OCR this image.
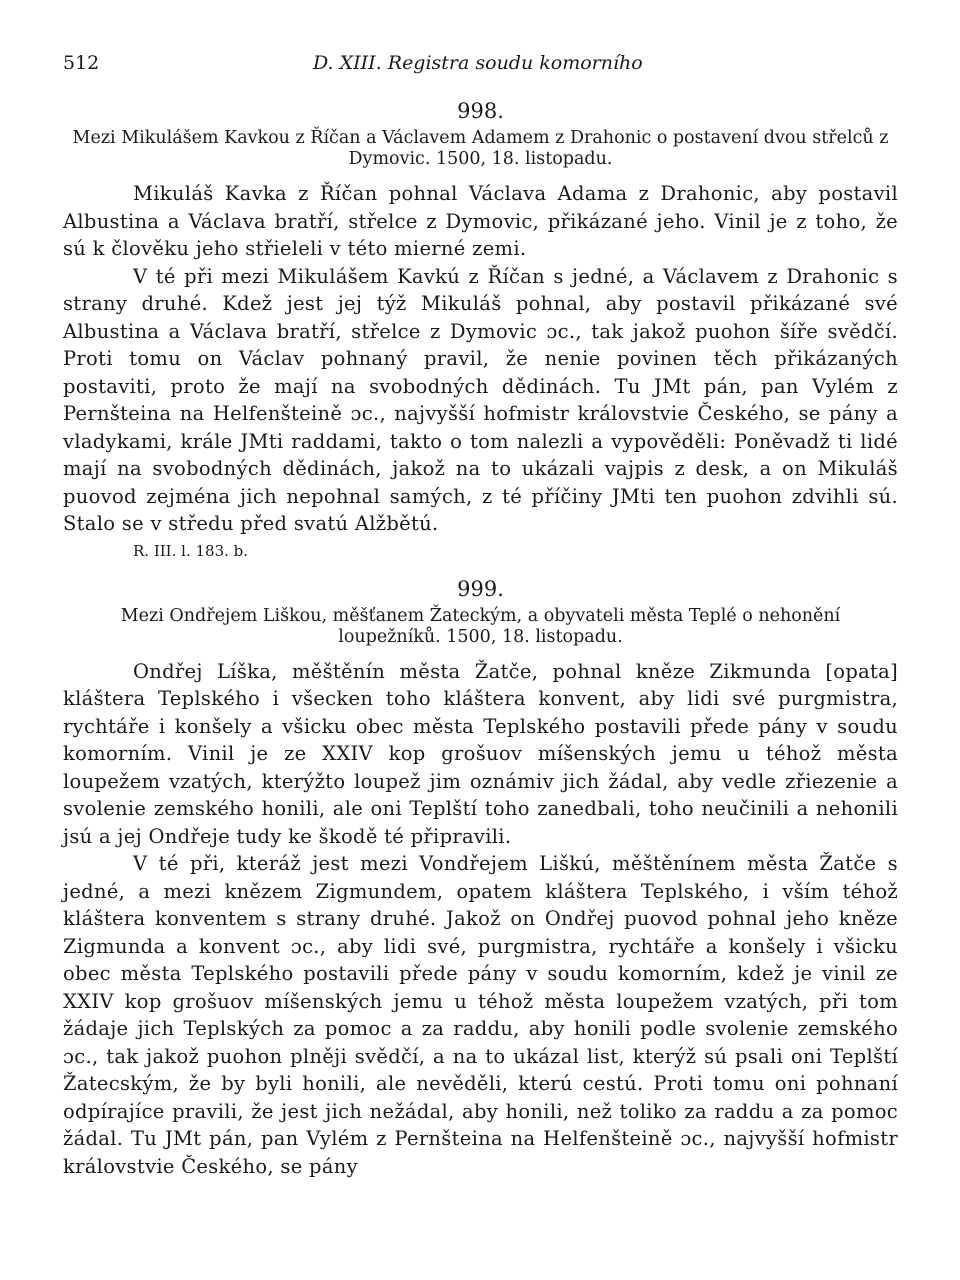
512	D. XIII. Registra soudu komorního
998.
Mezi Mikulášem Kavkou z Říčan a Václavem Adamem z Drahonic o postavení dvou střelců z Dymovic. 1500, 18. listopadu.

Mikuláš Kavka z Říčan pohnal Václava Adama z Drahonic, aby postavil Albustina a Václava bratří, střelce z Dymovic, přikázané jeho. Vinil je z toho, že sú k člověku jeho střieleli v této mierné zemi.

V té při mezi Mikulášem Kavkú z Říčan s jedné, a Václavem z Drahonic s strany druhé. Kdež jest jej týž Mikuláš pohnal, aby postavil přikázané své Albustina a Václava bratří, střelce z Dymovic ɔc., tak jakož puohon šíře svědčí. Proti tomu on Václav pohnaný pravil, že nenie povinen těch přikázaných postaviti, proto že mají na svobodných dědinách. Tu JMt pán, pan Vylém z Pernšteina na Helfenšteině ɔc., najvyšší hofmistr královstvie Českého, se pány a vladykami, krále JMti raddami, takto o tom nalezli a vypověděli: Poněvadž ti lidé mají na svobodných dědinách, jakož na to ukázali vajpis z desk, a on Mikuláš puovod zejména jich nepohnal samých, z té příčiny JMti ten puohon zdvihli sú. Stalo se v středu před svatú Alžbětú.

R. III. l. 183. b.
999.
Mezi Ondřejem Liškou, měšťanem Žateckým, a obyvateli města Teplé o nehonění loupežníků. 1500, 18. listopadu.

Ondřej Líška, měštěnín města Žatče, pohnal kněze Zikmunda [opata] kláštera Teplského i všecken toho kláštera konvent, aby lidi své purgmistra, rychtáře i konšely a všicku obec města Teplského postavili přede pány v soudu komorním. Vinil je ze XXIV kop grošuov míšenských jemu u téhož města loupežem vzatých, kterýžto loupež jim oznámiv jich žádal, aby vedle zřiezenie a svolenie zemského honili, ale oni Teplští toho zanedbali, toho neučinili a nehonili jsú a jej Ondřeje tudy ke škodě té připravili.

V té při, kteráž jest mezi Vondřejem Liškú, měštěnínem města Žatče s jedné, a mezi knězem Zigmundem, opatem kláštera Teplského, i vším téhož kláštera konventem s strany druhé. Jakož on Ondřej puovod pohnal jeho kněze Zigmunda a konvent ɔc., aby lidi své, purgmistra, rychtáře a konšely i všicku obec města Teplského postavili přede pány v soudu komorním, kdež je vinil ze XXIV kop grošuov míšenských jemu u téhož města loupežem vzatých, při tom žádaje jich Teplských za pomoc a za raddu, aby honili podle svolenie zemského ɔc., tak jakož puohon plněji svědčí, a na to ukázal list, kterýž sú psali oni Teplští Žatecským, že by byli honili, ale nevěděli, kterú cestú. Proti tomu oni pohnaní odpírajíce pravili, že jest jich nežádal, aby honili, než toliko za raddu a za pomoc žádal. Tu JMt pán, pan Vylém z Pernšteina na Helfenšteině ɔc., najvyšší hofmistr královstvie Českého, se pány
